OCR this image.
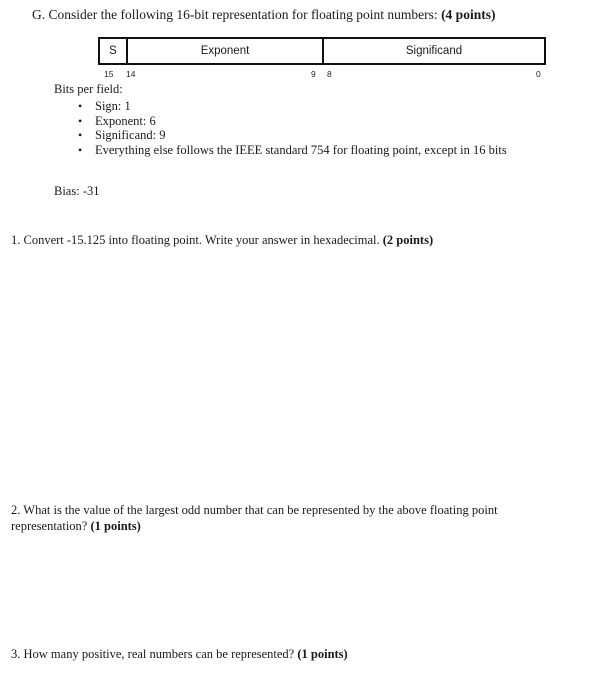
G. Consider the following 16-bit representation for floating point numbers: (4 points)
S	Exponent	Significand
15 14	9 8	0
Bits per field:
• Sign: 1
• Exponent: 6
• Significand: 9
• Everything else follows the IEEE standard 754 for floating point, except in 16 bits
Bias: -31
1. Convert -15.125 into floating point. Write your answer in hexadecimal. (2 points)
2. What is the value of the largest odd number that can be represented by the above floating point
representation? (1 points)
3. How many positive, real numbers can be represented? (1 points)
